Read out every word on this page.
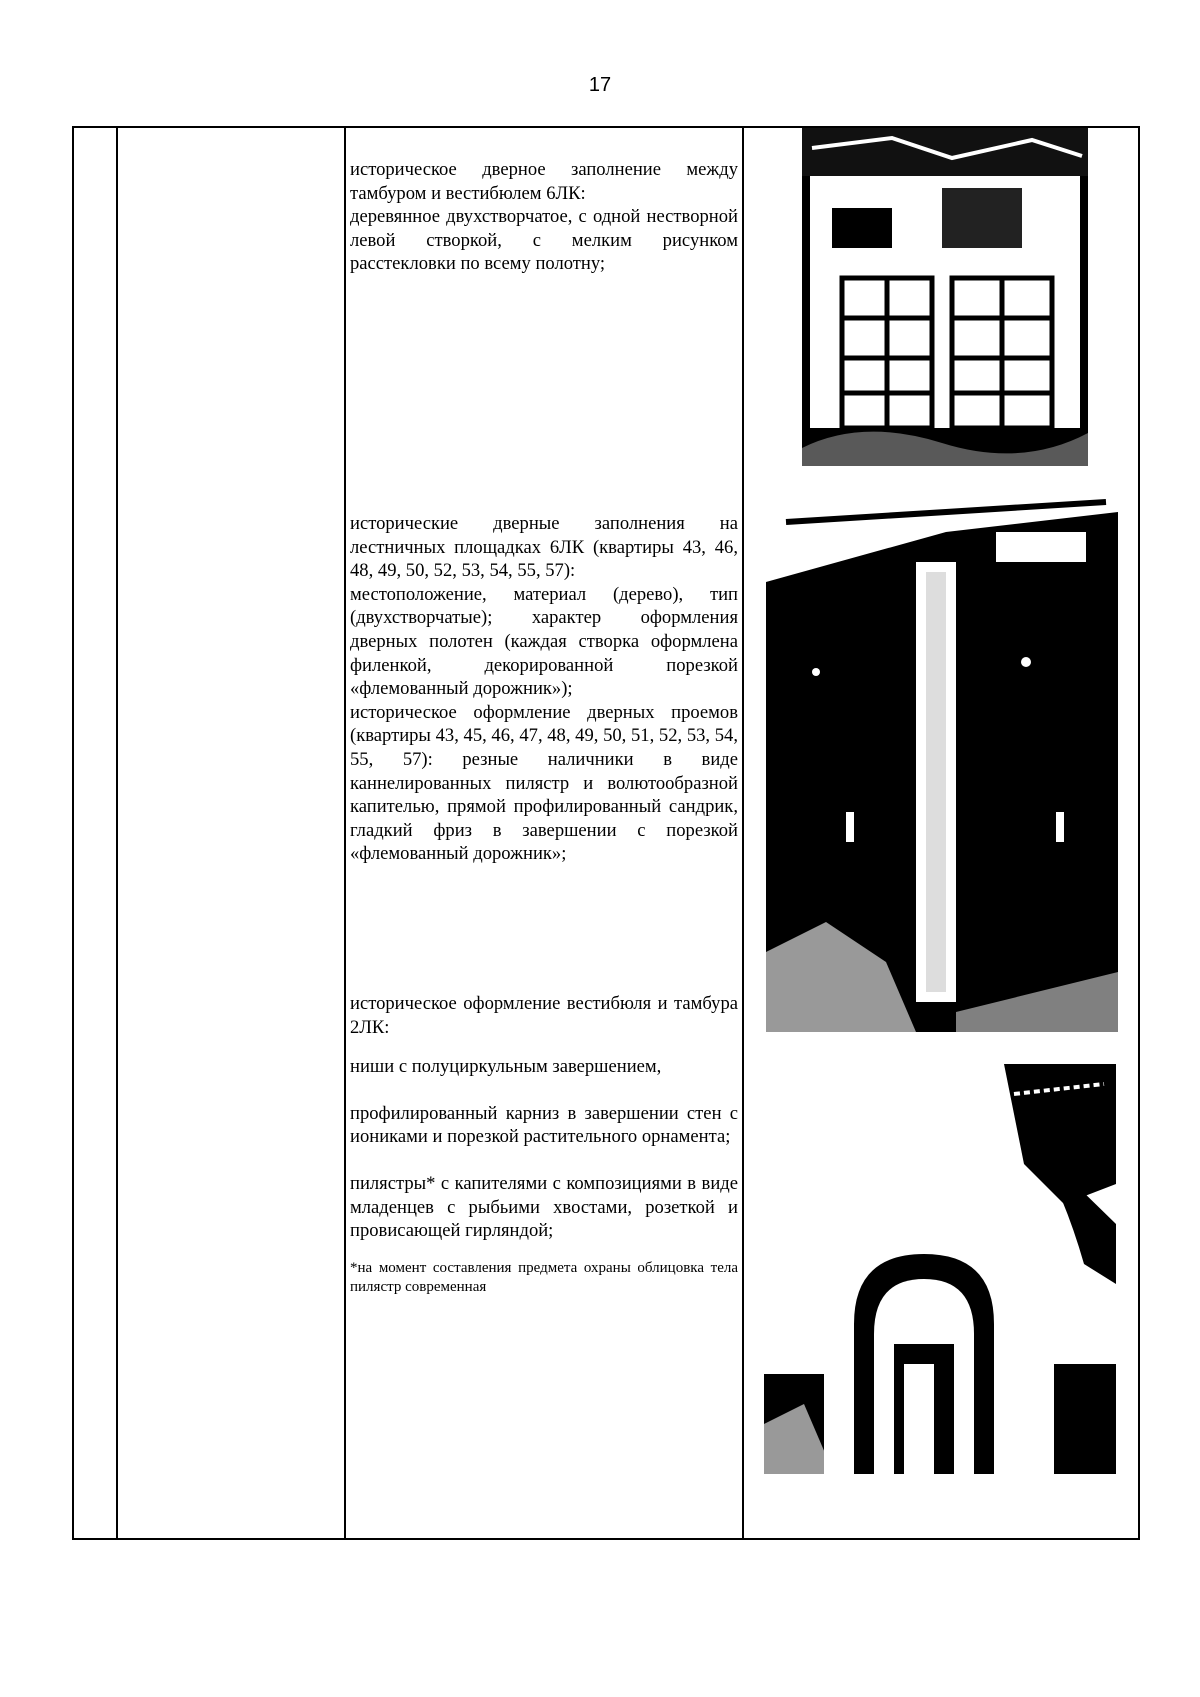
17

историческое дверное заполнение между тамбуром и вестибюлем 6ЛК:

деревянное двухстворчатое, с одной нестворной левой створкой, с мелким рисунком расстекловки по всему полотну;

исторические дверные заполнения на лестничных площадках 6ЛК (квартиры 43, 46, 48, 49, 50, 52, 53, 54, 55, 57):

местоположение, материал (дерево), тип (двухстворчатые); характер оформления дверных полотен (каждая створка оформлена филенкой, декорированной порезкой «флемованный дорожник»);

историческое оформление дверных проемов (квартиры 43, 45, 46, 47, 48, 49, 50, 51, 52, 53, 54, 55, 57): резные наличники в виде каннелированных пилястр и волютообразной капителью, прямой профилированный сандрик, гладкий фриз в завершении с порезкой «флемованный дорожник»;

историческое оформление вестибюля и тамбура 2ЛК:

ниши с полуциркульным завершением,

профилированный карниз в завершении стен с иониками и порезкой растительного орнамента;

пилястры* с капителями с композициями в виде младенцев с рыбьими хвостами, розеткой и провисающей гирляндой;

*на момент составления предмета охраны облицовка тела пилястр современная
